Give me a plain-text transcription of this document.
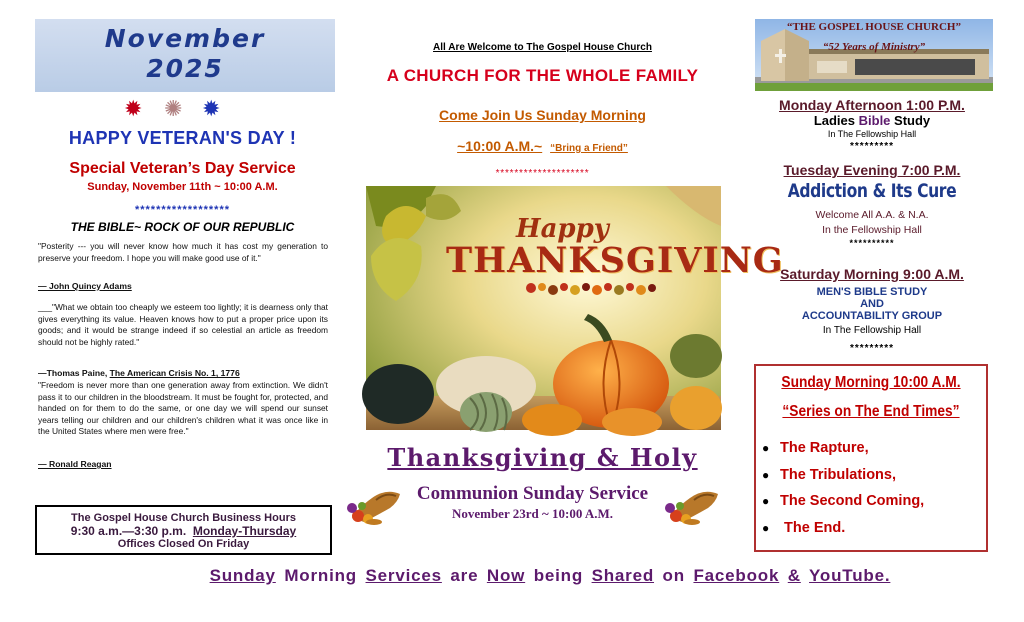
November
2025
✹ ✺ ✹
HAPPY VETERAN'S DAY !
Special Veteran’s Day Service
Sunday, November 11th ~ 10:00 A.M.
******************
THE BIBLE~ ROCK OF OUR REPUBLIC
"Posterity --- you will never know how much it has cost my generation to preserve your freedom. I hope you will make good use of it."
— John Quincy Adams
___"What we obtain too cheaply we esteem too lightly; it is dearness only that gives everything its value. Heaven knows how to put a proper price upon its goods; and it would be strange indeed if so celestial an article as freedom should not be highly rated."
—Thomas Paine, The American Crisis No. 1, 1776
"Freedom is never more than one generation away from extinction. We didn't pass it to our children in the bloodstream. It must be fought for, protected, and handed on for them to do the same, or one day we will spend our sunset years telling our children and our children's children what it was once like in the United States where men were free."
— Ronald Reagan
The Gospel House Church Business Hours
9:30 a.m.—3:30 p.m. Monday-Thursday
Offices Closed On Friday
All Are Welcome to The Gospel House Church
A CHURCH FOR THE WHOLE FAMILY
Come Join Us Sunday Morning
~10:00 A.M.~ “Bring a Friend”
********************
Happy
THANKSGIVING
Thanksgiving & Holy
Communion Sunday Service
November 23rd ~ 10:00 A.M.
“THE GOSPEL HOUSE CHURCH”
“52 Years of Ministry”
Monday Afternoon 1:00 P.M.
Ladies Bible Study
In The Fellowship Hall
*********
Tuesday Evening 7:00 P.M.
Addiction & Its Cure
Welcome All A.A. & N.A.
In the Fellowship Hall
**********
Saturday Morning 9:00 A.M.
MEN'S BIBLE STUDY
AND
ACCOUNTABILITY GROUP
In The Fellowship Hall
*********
Sunday Morning 10:00 A.M.
“Series on The End Times”
● The Rapture,
● The Tribulations,
● The Second Coming,
● The End.
Sunday Morning Services are Now being Shared on Facebook & YouTube.
